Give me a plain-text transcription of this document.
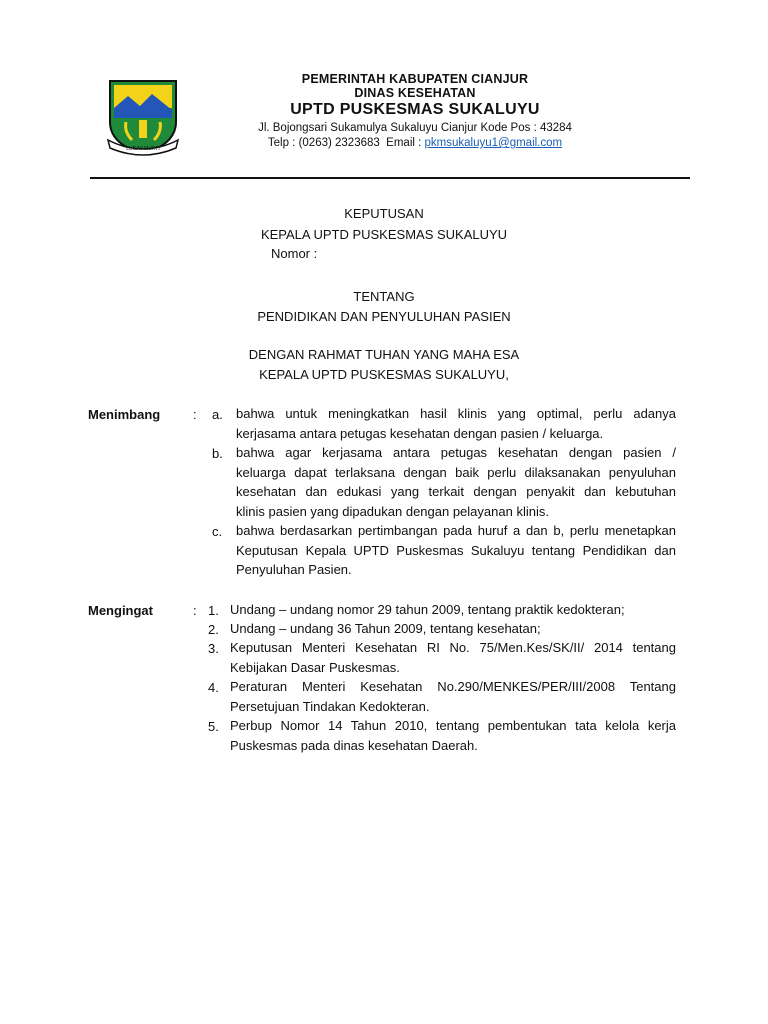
LUGAY MUKTI
PEMERINTAH KABUPATEN CIANJUR
DINAS KESEHATAN
UPTD PUSKESMAS SUKALUYU
Jl. Bojongsari Sukamulya Sukaluyu Cianjur Kode Pos : 43284
Telp : (0263) 2323683  Email : pkmsukaluyu1@gmail.com
KEPUTUSAN
KEPALA UPTD PUSKESMAS SUKALUYU
Nomor :
TENTANG
PENDIDIKAN DAN PENYULUHAN PASIEN
DENGAN RAHMAT TUHAN YANG MAHA ESA
KEPALA UPTD PUSKESMAS SUKALUYU,
Menimbang	: a. bahwa untuk meningkatkan hasil klinis yang optimal, perlu adanya
kerjasama antara petugas kesehatan dengan pasien / keluarga.
b. bahwa agar kerjasama antara petugas kesehatan dengan pasien /
keluarga dapat terlaksana dengan baik perlu dilaksanakan penyuluhan
kesehatan dan edukasi yang terkait dengan penyakit dan kebutuhan
klinis pasien yang dipadukan dengan pelayanan klinis.
c. bahwa berdasarkan pertimbangan pada huruf a dan b, perlu menetapkan
Keputusan Kepala UPTD Puskesmas Sukaluyu tentang Pendidikan dan
Penyuluhan Pasien.
Mengingat	: 1. Undang – undang nomor 29 tahun 2009, tentang praktik kedokteran;
2. Undang – undang 36 Tahun 2009, tentang kesehatan;
3. Keputusan Menteri Kesehatan RI No. 75/Men.Kes/SK/II/ 2014 tentang
Kebijakan Dasar Puskesmas.
4. Peraturan Menteri Kesehatan No.290/MENKES/PER/III/2008 Tentang
Persetujuan Tindakan Kedokteran.
5. Perbup Nomor 14 Tahun 2010, tentang pembentukan tata kelola kerja
Puskesmas pada dinas kesehatan Daerah.
